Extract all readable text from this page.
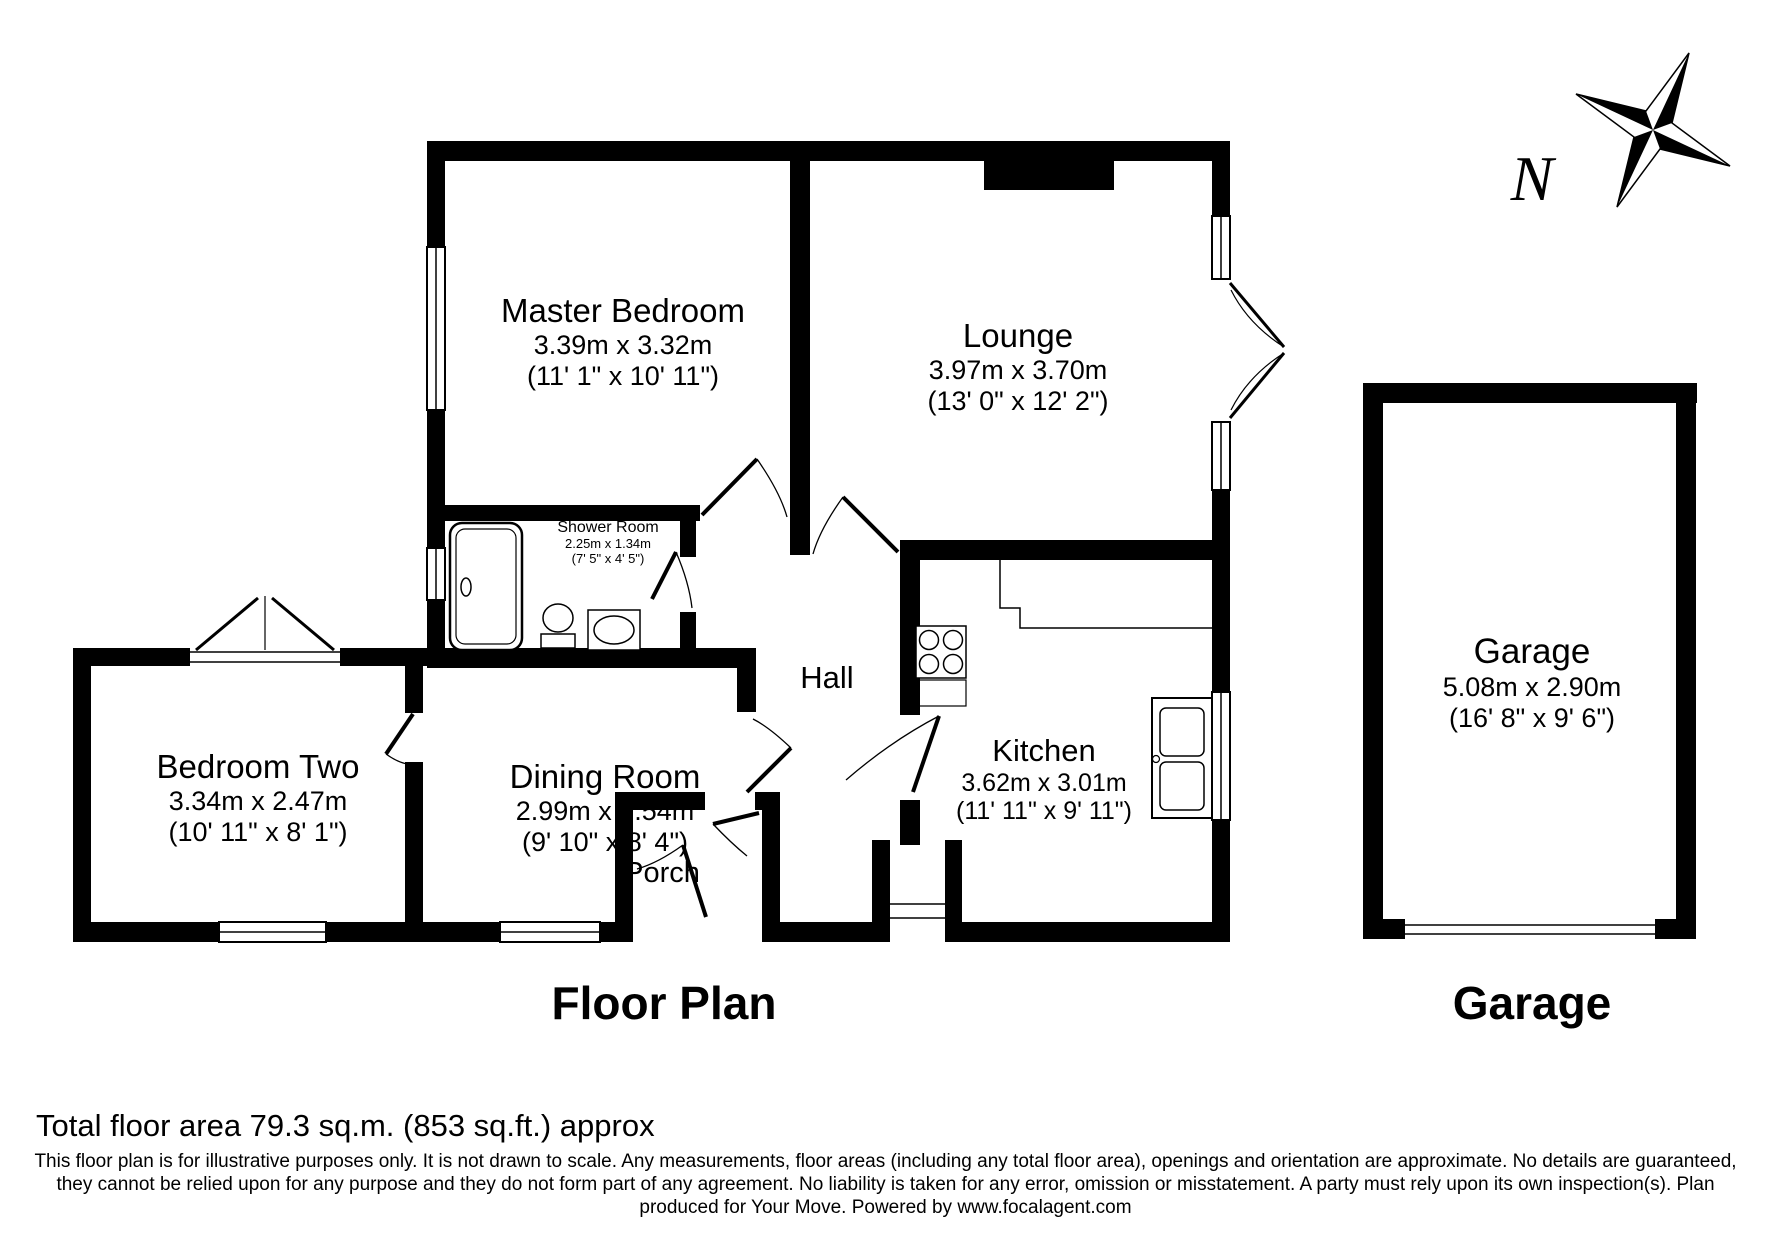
N
Master Bedroom
3.39m x 3.32m
(11' 1" x 10' 11")
Lounge
3.97m x 3.70m
(13' 0" x 12' 2")
Shower Room
2.25m x 1.34m
(7' 5" x 4' 5")
Hall
Bedroom Two
3.34m x 2.47m
(10' 11" x 8' 1")
Dining Room
2.99m x 2.54m
(9' 10" x 8' 4")
Kitchen
3.62m x 3.01m
(11' 11" x 9' 11")
Porch
Garage
5.08m x 2.90m
(16' 8" x 9' 6")
Floor Plan	Garage
Total floor area 79.3 sq.m. (853 sq.ft.) approx
This floor plan is for illustrative purposes only. It is not drawn to scale. Any measurements, floor areas (including any total floor area), openings and orientation are approximate. No details are guaranteed,
they cannot be relied upon for any purpose and they do not form part of any agreement. No liability is taken for any error, omission or misstatement. A party must rely upon its own inspection(s). Plan
produced for Your Move. Powered by www.focalagent.com
